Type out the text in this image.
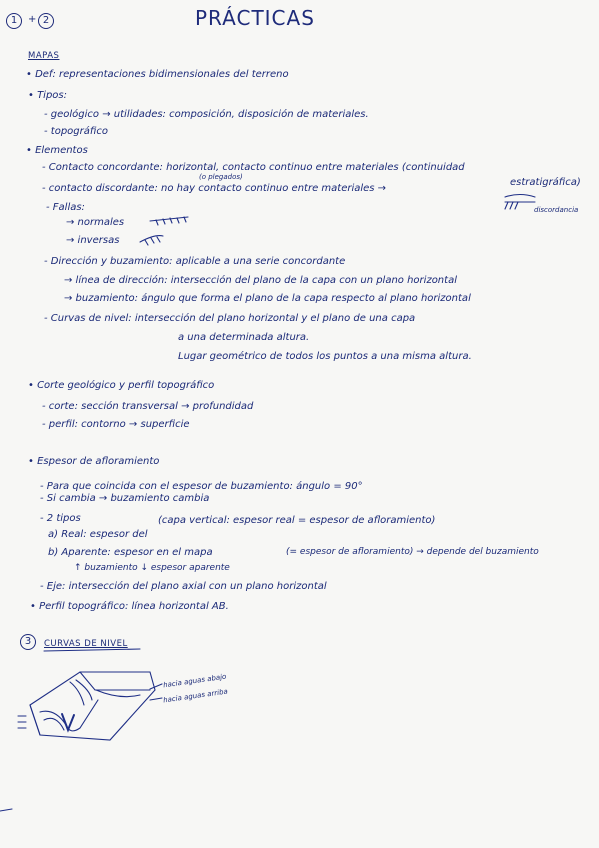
1	+ 2	PRÁCTICAS
MAPAS
• Def: representaciones bidimensionales del terreno
• Tipos:
- geológico → utilidades: composición, disposición de materiales.
- topográfico
• Elementos
- Contacto concordante: horizontal, contacto continuo entre materiales (continuidad
(o plegados)	estratigráfica)
- contacto discordante: no hay contacto continuo entre materiales →
discordancia
- Fallas:
→ normales
→ inversas
- Dirección y buzamiento: aplicable a una serie concordante
→ línea de dirección: intersección del plano de la capa con un plano horizontal
→ buzamiento: ángulo que forma el plano de la capa respecto al plano horizontal
- Curvas de nivel: intersección del plano horizontal y el plano de una capa
a una determinada altura.
Lugar geométrico de todos los puntos a una misma altura.
• Corte geológico y perfil topográfico
- corte: sección transversal → profundidad
- perfil: contorno → superficie
• Espesor de afloramiento
- Para que coincida con el espesor de buzamiento: ángulo = 90°
- Si cambia → buzamiento cambia
- 2 tipos	(capa vertical: espesor real = espesor de afloramiento)
a) Real: espesor del
b) Aparente: espesor en el mapa	(= espesor de afloramiento) → depende del buzamiento
↑ buzamiento ↓ espesor aparente
- Eje: intersección del plano axial con un plano horizontal
• Perfil topográfico: línea horizontal AB.
3	CURVAS DE NIVEL
hacia aguas abajo
hacia aguas arriba
